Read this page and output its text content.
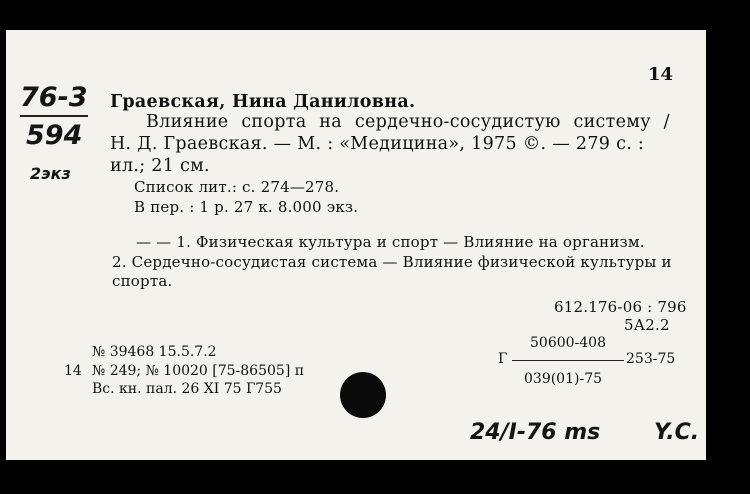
76-3
594
2экз
14
Граевская, Нина Даниловна.
Влияние спорта на сердечно-сосудистую систему /
Н. Д. Граевская. — М. : «Медицина», 1975 ©. — 279 с. :
ил.; 21 см.
Список лит.: с. 274—278.
В пер. : 1 р. 27 к. 8.000 экз.
— — 1. Физическая культура и спорт — Влияние на организм.
2. Сердечно-сосудистая система — Влияние физической культуры и
спорта.
612.176-06 : 796
5А2.2
№ 39468 15.5.7.2
14 № 249; № 10020 [75-86505] п
Вс. кн. пал. 26 XI 75 Г755
50600-408
Г	253-75
039(01)-75
24/I-76 ms Y.C.
